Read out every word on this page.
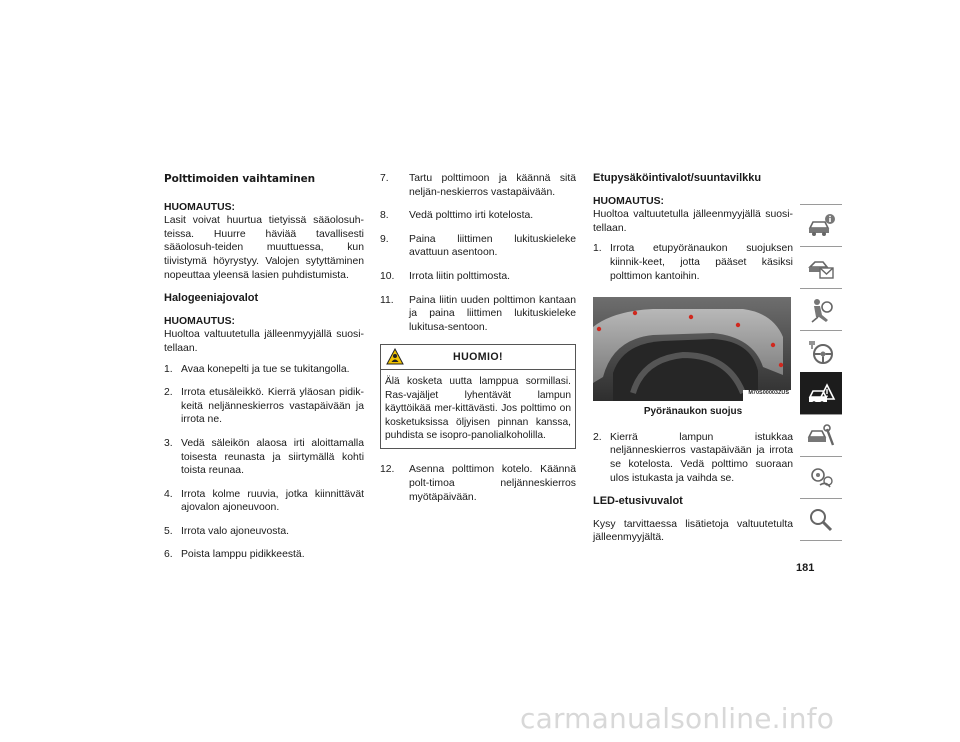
Polttimoiden vaihtaminen
HUOMAUTUS:

Lasit voivat huurtua tietyissä sääolosuh-teissa. Huurre häviää tavallisesti sääolosuh-teiden muuttuessa, kun tiivistymä höyrystyy. Valojen sytyttäminen nopeuttaa yleensä lasien puhdistumista.

Halogeeniajovalot
HUOMAUTUS:

Huoltoa valtuutetulla jälleenmyyjällä suosi-tellaan.

1. Avaa konepelti ja tue se tukitangolla.
2. Irrota etusäleikkö. Kierrä yläosan pidik-keitä neljänneskierros vastapäivään ja irrota ne.
3. Vedä säleikön alaosa irti aloittamalla toisesta reunasta ja siirtymällä kohti toista reunaa.
4. Irrota kolme ruuvia, jotka kiinnittävät ajovalon ajoneuvoon.
5. Irrota valo ajoneuvosta.
6. Poista lamppu pidikkeestä.
7. Tartu polttimoon ja käännä sitä neljän-neskierros vastapäivään.
8. Vedä polttimo irti kotelosta.
9. Paina liittimen lukituskieleke avattuun asentoon.
10. Irrota liitin polttimosta.
11. Paina liitin uuden polttimon kantaan ja paina liittimen lukituskieleke lukitusa-sentoon.
HUOMIO!
Älä kosketa uutta lamppua sormillasi. Ras-vajäljet lyhentävät lampun käyttöikää mer-kittävästi. Jos polttimo on kosketuksissa öljyisen pinnan kanssa, puhdista se isopro-panolialkoholilla.
12. Asenna polttimon kotelo. Käännä polt-timoa neljänneskierros myötäpäivään.
Etupysäköintivalot/suuntavilkku
HUOMAUTUS:

Huoltoa valtuutetulla jälleenmyyjällä suosi-tellaan.

1. Irrota etupyöränaukon suojuksen kiinnik-keet, jotta pääset käsiksi polttimon kantoihin.
M70S00003ZUS
Pyöränaukon suojus
2. Kierrä lampun istukkaa neljänneskierros vastapäivään ja irrota se kotelosta. Vedä polttimo suoraan ulos istukasta ja vaihda se.
LED-etusivuvalot

Kysy tarvittaessa lisätietoja valtuutetulta jälleenmyyjältä.

181
carmanualsonline.info
